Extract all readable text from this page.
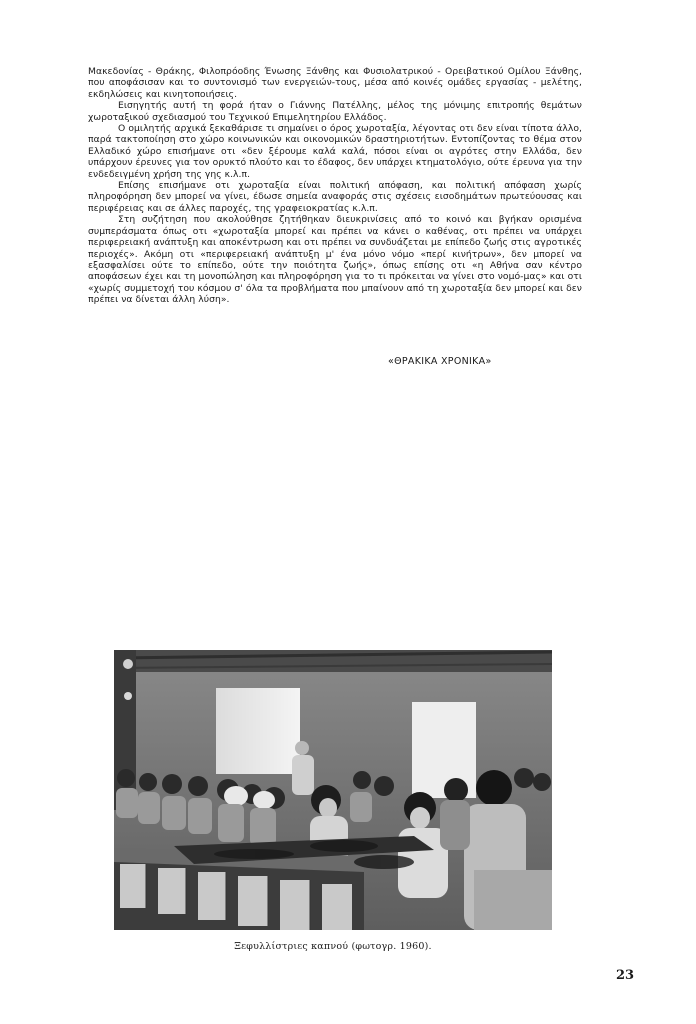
Μακεδονίας - Θράκης, Φιλοπρόοδης Ένωσης Ξάνθης και Φυσιολατρικού - Ορειβατικού Ομίλου Ξάνθης, που αποφάσισαν και το συντονισμό των ενεργειών-τους, μέσα από κοινές ομάδες εργασίας - μελέτης, εκδηλώσεις και κινητοποιήσεις.

Εισηγητής αυτή τη φορά ήταν ο Γιάννης Πατέλλης, μέλος της μόνιμης επιτροπής θεμάτων χωροταξικού σχεδιασμού του Τεχνικού Επιμελητηρίου Ελλάδος.

Ο ομιλητής αρχικά ξεκαθάρισε τι σημαίνει ο όρος χωροταξία, λέγοντας οτι δεν είναι τίποτα άλλο, παρά τακτοποίηση στο χώρο κοινωνικών και οικονομικών δραστηριοτήτων. Εντοπίζοντας το θέμα στον Ελλαδικό χώρο επισήμανε οτι «δεν ξέρουμε καλά καλά, πόσοι είναι οι αγρότες στην Ελλάδα, δεν υπάρχουν έρευνες για τον ορυκτό πλούτο και το έδαφος, δεν υπάρχει κτηματολόγιο, ούτε έρευνα για την ενδεδειγμένη χρήση της γης κ.λ.π.

Επίσης επισήμανε οτι χωροταξία είναι πολιτική απόφαση, και πολιτική απόφαση χωρίς πληροφόρηση δεν μπορεί να γίνει, έδωσε σημεία αναφοράς στις σχέσεις εισοδημάτων πρωτεύουσας και περιφέρειας και σε άλλες παροχές, της γραφειοκρατίας κ.λ.π.

Στη συζήτηση που ακολούθησε ζητήθηκαν διευκρινίσεις από το κοινό και βγήκαν ορισμένα συμπεράσματα όπως οτι «χωροταξία μπορεί και πρέπει να κάνει ο καθένας, οτι πρέπει να υπάρχει περιφερειακή ανάπτυξη και αποκέντρωση και οτι πρέπει να συνδυάζεται με επίπεδο ζωής στις αγροτικές περιοχές». Ακόμη οτι «περιφερειακή ανάπτυξη μ' ένα μόνο νόμο «περί κινήτρων», δεν μπορεί να εξασφαλίσει ούτε το επίπεδο, ούτε την ποιότητα ζωής», όπως επίσης οτι «η Αθήνα σαν κέντρο αποφάσεων έχει και τη μονοπώληση και πληροφόρηση για το τι πρόκειται να γίνει στο νομό-μας» και οτι «χωρίς συμμετοχή του κόσμου σ' όλα τα προβλήματα που μπαίνουν από τη χωροταξία δεν μπορεί και δεν πρέπει να δίνεται άλλη λύση».

«ΘΡΑΚΙΚΑ ΧΡΟΝΙΚΑ»
Ξεφυλλίστριες καπνού (φωτογρ. 1960).
23
